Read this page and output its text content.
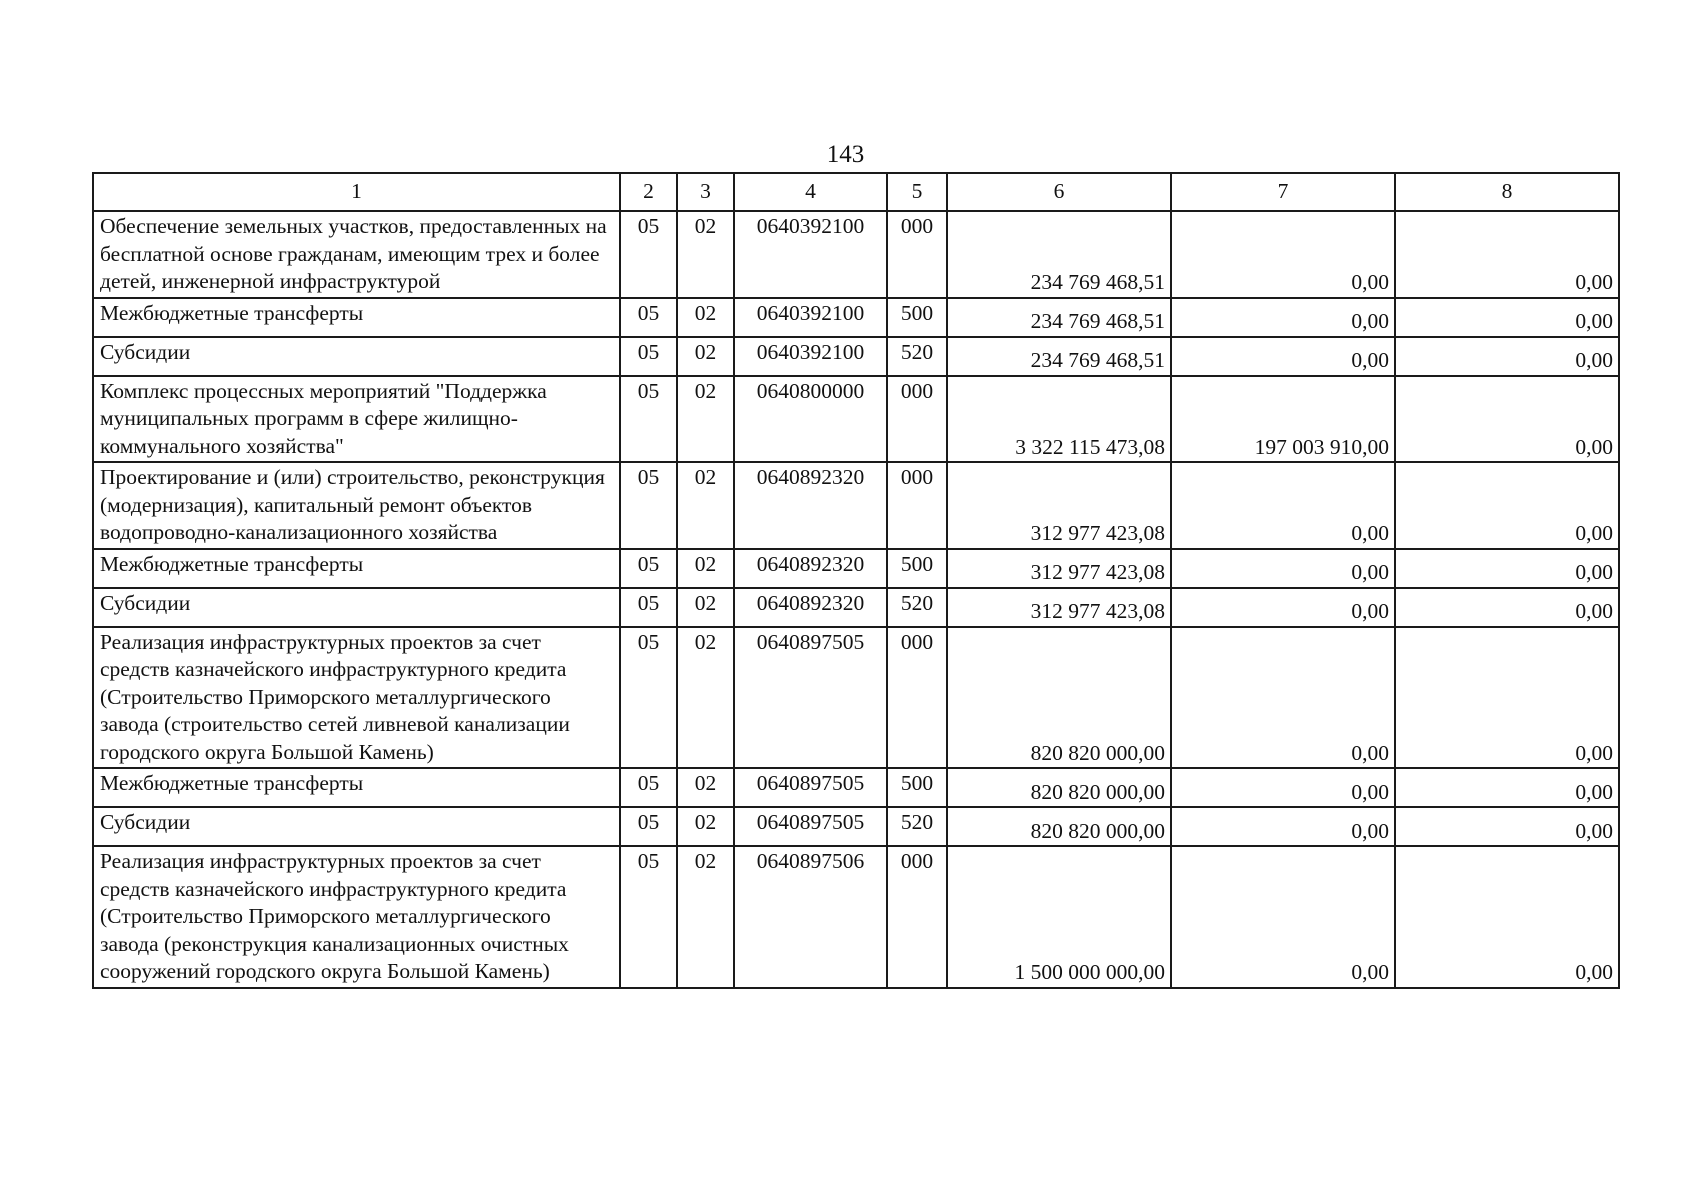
143
1	2	3	4	5	6	7	8
Обеспечение земельных участков, предоставленных на бесплатной основе гражданам, имеющим трех и более детей, инженерной инфраструктурой	05	02	0640392100	000	234 769 468,51	0,00	0,00
Межбюджетные трансферты	05	02	0640392100	500	234 769 468,51	0,00	0,00
Субсидии	05	02	0640392100	520	234 769 468,51	0,00	0,00
Комплекс процессных мероприятий "Поддержка муниципальных программ в сфере жилищно-коммунального хозяйства"	05	02	0640800000	000	3 322 115 473,08	197 003 910,00	0,00
Проектирование и (или) строительство, реконструкция (модернизация), капитальный ремонт объектов водопроводно-канализационного хозяйства	05	02	0640892320	000	312 977 423,08	0,00	0,00
Межбюджетные трансферты	05	02	0640892320	500	312 977 423,08	0,00	0,00
Субсидии	05	02	0640892320	520	312 977 423,08	0,00	0,00
Реализация инфраструктурных проектов за счет средств казначейского инфраструктурного кредита (Строительство Приморского металлургического завода (строительство сетей ливневой канализации городского округа Большой Камень)	05	02	0640897505	000	820 820 000,00	0,00	0,00
Межбюджетные трансферты	05	02	0640897505	500	820 820 000,00	0,00	0,00
Субсидии	05	02	0640897505	520	820 820 000,00	0,00	0,00
Реализация инфраструктурных проектов за счет средств казначейского инфраструктурного кредита (Строительство Приморского металлургического завода (реконструкция канализационных очистных сооружений городского округа Большой Камень)	05	02	0640897506	000	1 500 000 000,00	0,00	0,00
